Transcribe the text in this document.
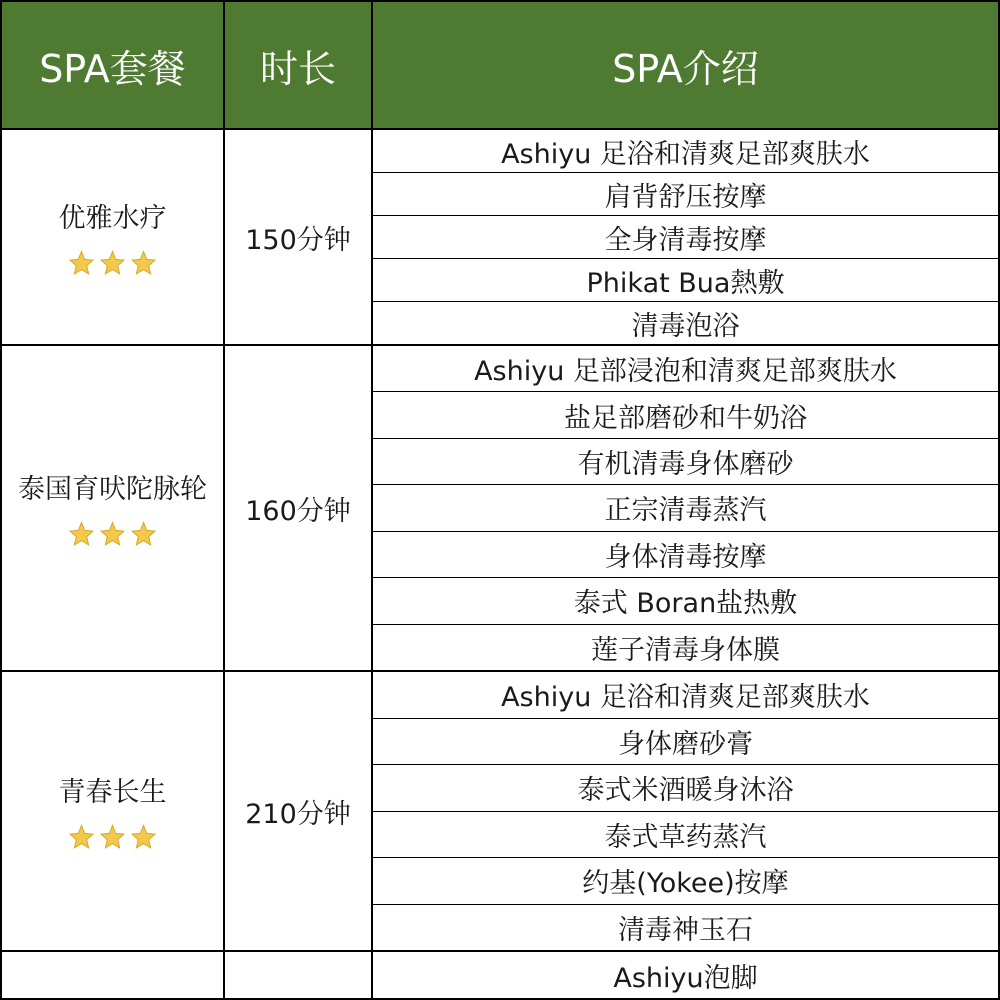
SPA套餐	时长	SPA介绍
优雅水疗
150分钟
Ashiyu 足浴和清爽足部爽肤水
肩背舒压按摩
全身清毒按摩
Phikat Bua熱敷
清毒泡浴
泰国育吠陀脉轮
160分钟
Ashiyu 足部浸泡和清爽足部爽肤水
盐足部磨砂和牛奶浴
有机清毒身体磨砂
正宗清毒蒸汽
身体清毒按摩
泰式 Boran盐热敷
莲子清毒身体膜
青春长生
210分钟
Ashiyu 足浴和清爽足部爽肤水
身体磨砂膏
泰式米酒暖身沐浴
泰式草药蒸汽
约基(Yokee)按摩
清毒神玉石
Ashiyu泡脚
